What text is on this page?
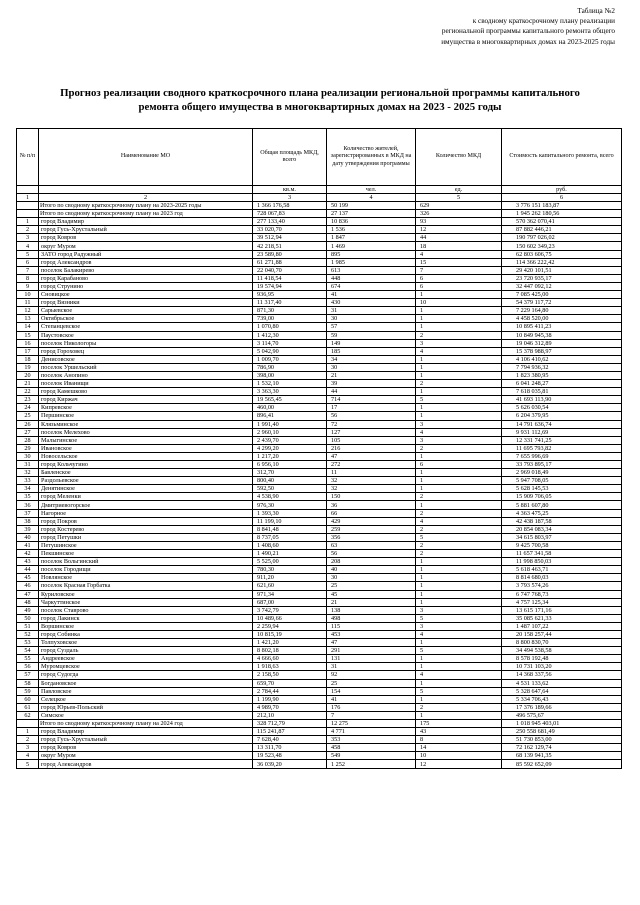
Таблица №2
к сводному краткосрочному плану реализации
региональной программы капитального ремонта общего
имущества в многоквартирных домах на 2023-2025 годы
Прогноз реализации сводного краткосрочного плана реализации региональной программы капитального
ремонта общего имущества в многоквартирных домах на 2023 - 2025 годы
№ п/п	Наименование МО	Общая площадь МКД, всего	Количество жителей, зарегистрированных в МКД на дату утверждения программы	Количество МКД	Стоимость капитального ремонта, всего
		кв.м.	чел.	ед.	руб.
1	2	3	4	5	6
	Итого по сводному краткосрочному плану на 2023-2025 годы	1 366 176,58	50 199	629	3 776 151 183,87
	Итого по сводному краткосрочному плану на 2023 год	728 067,83	27 137	326	1 945 262 180,56
1	город Владимир	277 133,40	10 836	93	570 362 070,41
2	город Гусь-Хрустальный	33 020,70	1 536	12	87 882 446,21
3	город Ковров	39 512,94	1 847	44	190 797 026,02
4	округ Муром	42 218,51	1 469	18	150 602 349,23
5	ЗАТО город Радужный	23 589,80	895	4	62 803 606,75
6	город Александров	61 271,88	1 985	15	114 366 222,42
7	поселок Балакирево	22 040,70	613	7	29 420 101,51
8	город Карабаново	11 418,54	448	6	23 720 935,17
9	город Струнино	19 574,94	674	6	32 447 092,12
10	Сновицкое	936,95	41	1	7 085 425,00
11	город Вязники	11 317,40	430	10	54 379 117,72
12	Сарыевское	871,30	31	1	7 229 164,80
13	Октябрьское	739,00	30	1	4 458 520,00
14	Степанцевское	1 070,80	57	1	10 895 411,23
15	Паустовское	1 412,30	59	2	10 849 945,38
16	поселок Никологоры	3 114,70	149	3	19 046 312,89
17	город Гороховец	5 042,90	185	4	15 378 988,97
18	Денисовское	1 009,70	34	1	4 106 410,62
19	поселок Уршельский	786,90	30	1	7 794 936,32
20	поселок Анопино	398,00	21	1	1 823 380,95
21	поселок Иванищи	1 532,10	39	2	6 041 248,27
22	город Камешково	3 363,30	44	1	7 618 035,81
23	город Киржач	19 565,45	714	5	41 693 113,90
24	Кипревское	460,00	17	1	5 626 030,54
25	Першинское	896,41	56	1	6 204 379,95
26	Клязьминское	1 991,40	72	3	14 791 636,74
27	поселок Мелехово	2 960,10	127	4	9 931 112,69
28	Малыгинское	2 439,70	105	3	12 331 741,25
29	Ивановское	4 299,20	216	2	11 695 793,82
30	Новосельское	1 217,20	47	1	7 655 996,69
31	город Кольчугино	6 956,10	272	6	33 793 895,17
32	Бавленское	312,70	11	1	2 969 018,49
33	Раздольевское	800,40	32	1	5 947 708,05
34	Денятинское	592,50	32	1	5 628 145,53
35	город Меленки	4 538,90	150	2	15 909 706,05
36	Дмитриевогорское	976,30	36	1	5 881 607,80
37	Нагорное	1 393,30	66	2	4 363 475,25
38	город Покров	11 199,10	429	4	42 438 187,58
39	город Костерево	8 841,48	259	2	20 854 083,34
40	город Петушки	8 737,05	356	5	34 615 803,97
41	Петушинское	1 408,60	63	2	9 425 700,58
42	Пекшинское	1 490,21	56	2	11 657 341,58
43	поселок Вольгинский	5 525,00	208	1	11 998 850,03
44	поселок Городищи	780,30	40	1	5 618 463,71
45	Новлянское	911,20	30	1	8 814 680,03
46	поселок Красная Горбатка	621,60	25	1	3 793 574,26
47	Куриловское	971,34	45	1	6 747 768,73
48	Чаркуттинское	687,00	21	1	4 757 125,34
49	поселок Ставрово	3 742,79	138	3	13 615 171,16
50	город Лакинск	10 489,66	498	5	35 085 621,33
51	Воршинское	2 259,94	115	3	1 487 107,22
52	город Собинка	10 815,19	453	4	20 158 257,44
53	Толпуховское	1 421,20	47	1	8 800 830,70
54	город Суздаль	8 802,18	291	5	34 494 538,58
55	Андреевское	4 666,60	131	1	8 578 192,48
56	Муромцевское	1 918,63	31	1	10 731 103,20
57	город Судогда	2 158,50	92	4	14 368 337,56
58	Богдановское	659,70	25	1	4 531 133,62
59	Павловское	2 784,44	154	5	5 328 647,64
60	Селецкое	1 199,90	41	1	5 334 706,43
61	город Юрьев-Польский	4 989,70	176	2	17 376 189,66
62	Симское	212,10	7	1	496 575,67
	Итого по сводному краткосрочному плану на 2024 год	328 712,79	12 275	175	1 018 945 403,01
1	город Владимир	115 241,87	4 771	43	250 558 681,49
2	город Гусь-Хрустальный	7 628,40	353	8	51 730 853,00
3	город Ковров	13 311,70	458	14	72 162 129,74
4	округ Муром	19 523,48	549	10	68 139 941,35
5	город Александров	36 039,20	1 252	12	85 592 652,09
